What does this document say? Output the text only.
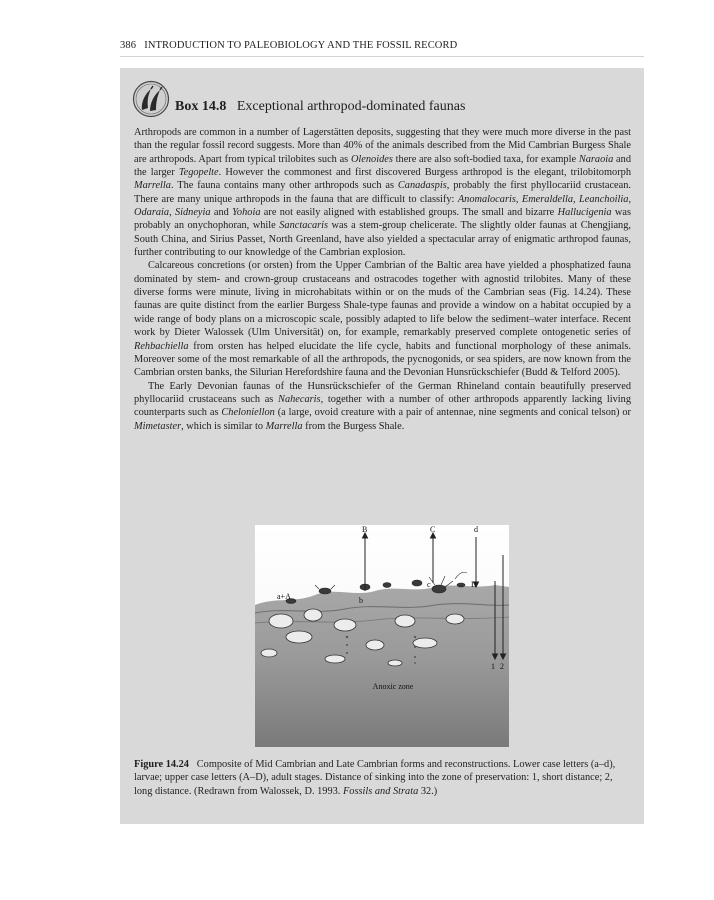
386 INTRODUCTION TO PALEOBIOLOGY AND THE FOSSIL RECORD
Box 14.8 Exceptional arthropod-dominated faunas

Arthropods are common in a number of Lagerstätten deposits, suggesting that they were much more diverse in the past than the regular fossil record suggests. More than 40% of the animals described from the Mid Cambrian Burgess Shale are arthropods. Apart from typical trilobites such as Olenoides there are also soft-bodied taxa, for example Naraoia and the larger Tegopelte. However the commonest and first discovered Burgess arthropod is the elegant, trilobitomorph Marrella. The fauna contains many other arthropods such as Canadaspis, probably the first phyllocariid crustacean. There are many unique arthropods in the fauna that are difficult to classify: Anomalocaris, Emeraldella, Leanchoilia, Odaraia, Sidneyia and Yohoia are not easily aligned with established groups. The small and bizarre Hallucigenia was probably an onychophoran, while Sanctacaris was a stem-group chelicerate. The slightly older faunas at Chengjiang, South China, and Sirius Passet, North Greenland, have also yielded a spectacular array of enigmatic arthropod faunas, further contributing to our knowledge of the Cambrian explosion.

Calcareous concretions (or orsten) from the Upper Cambrian of the Baltic area have yielded a phosphatized fauna dominated by stem- and crown-group crustaceans and ostracodes together with agnostid trilobites. Many of these diverse forms were minute, living in microhabitats within or on the muds of the Cambrian seas (Fig. 14.24). These faunas are quite distinct from the earlier Burgess Shale-type faunas and provide a window on a habitat occupied by a wide range of body plans on a microscopic scale, possibly adapted to life below the sediment–water interface. Recent work by Dieter Walossek (Ulm Universität) on, for example, remarkably preserved complete ontogenetic series of Rehbachiella from orsten has helped elucidate the life cycle, habits and functional morphology of these animals. Moreover some of the most remarkable of all the arthropods, the pycnogonids, or sea spiders, are now known from the Cambrian orsten banks, the Silurian Herefordshire fauna and the Devonian Hunsrückschiefer (Budd & Telford 2005).

The Early Devonian faunas of the Hunsrückschiefer of the German Rhineland contain beautifully preserved phyllocariid crustaceans such as Nahecaris, together with a number of other arthropods apparently lacking living counterparts such as Cheloniellon (a large, ovoid creature with a pair of antennae, nine segments and conical telson) or Mimetaster, which is similar to Marrella from the Burgess Shale.

B	C	d
c	D
a+A	b
1 2
Anoxic zone
Figure 14.24 Composite of Mid Cambrian and Late Cambrian forms and reconstructions. Lower case letters (a–d), larvae; upper case letters (A–D), adult stages. Distance of sinking into the zone of preservation: 1, short distance; 2, long distance. (Redrawn from Walossek, D. 1993. Fossils and Strata 32.)
